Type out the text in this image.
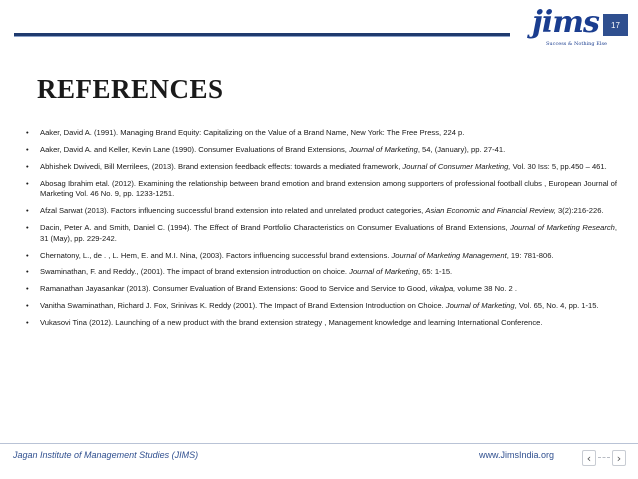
jims
Success & Nothing Else
17
REFERENCES
• Aaker, David A. (1991). Managing Brand Equity: Capitalizing on the Value of a Brand Name, New York: The Free Press, 224 p.
• Aaker, David A. and Keller, Kevin Lane (1990). Consumer Evaluations of Brand Extensions, Journal of Marketing, 54, (January), pp. 27-41.
• Abhishek Dwivedi, Bill Merrilees, (2013). Brand extension feedback effects: towards a mediated framework, Journal of Consumer Marketing, Vol. 30 Iss: 5, pp.450 – 461.
• Abosag Ibrahim etal. (2012). Examining the relationship between brand emotion and brand extension among supporters of professional football clubs , European Journal of Marketing Vol. 46 No. 9, pp. 1233-1251.
• Afzal Sarwat (2013). Factors influencing successful brand extension into related and unrelated product categories, Asian Economic and Financial Review, 3(2):216-226.
• Dacin, Peter A. and Smith, Daniel C. (1994). The Effect of Brand Portfolio Characteristics on Consumer Evaluations of Brand Extensions, Journal of Marketing Research, 31 (May), pp. 229-242.
• Chernatony, L., de . , L. Hem, E. and M.I. Nina, (2003). Factors influencing successful brand extensions. Journal of Marketing Management, 19: 781-806.
• Swaminathan, F. and Reddy., (2001). The impact of brand extension introduction on choice. Journal of Marketing, 65: 1-15.
• Ramanathan Jayasankar (2013). Consumer Evaluation of Brand Extensions: Good to Service and Service to Good, vikalpa, volume 38 No. 2 .
• Vanitha Swaminathan, Richard J. Fox, Srinivas K. Reddy (2001). The Impact of Brand Extension Introduction on Choice. Journal of Marketing, Vol. 65, No. 4, pp. 1-15.
• Vukasovi Tina (2012). Launching of a new product with the brand extension strategy , Management knowledge and learning International Conference.
Jagan Institute of Management Studies (JIMS)	www.JimsIndia.org	‹ ›
